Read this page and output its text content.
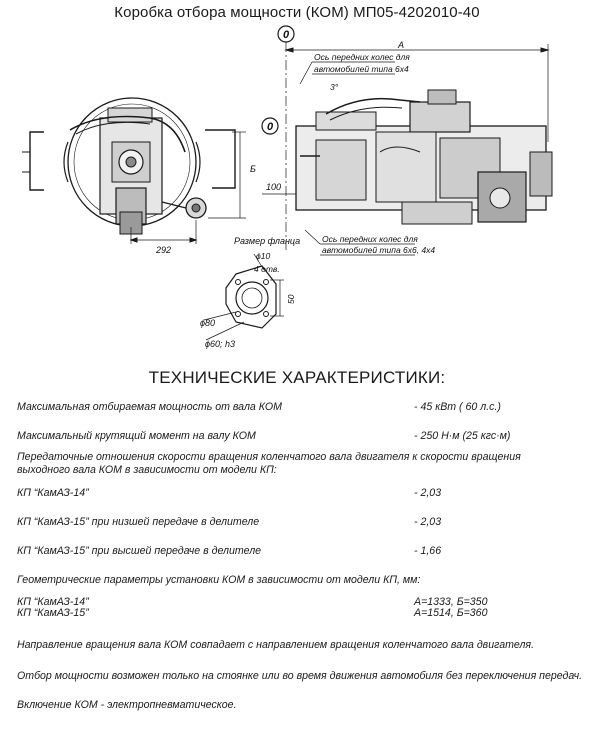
Коробка отбора мощности (КОМ) МП05-4202010-40
0
0
A
Б
292
100
3°
Ось передних колес для
автомобилей типа 6х4
Ось передних колес для
автомобилей типа 6х6, 4х4
Размер фланца
ϕ10
4 отв.
ϕ80
ϕ60; h3
50
ТЕХНИЧЕСКИЕ ХАРАКТЕРИСТИКИ:
Максимальная отбираемая мощность от вала КОМ	- 45 кВт ( 60 л.с.)
Максимальный крутящий момент на валу КОМ	- 250 Н·м (25 кгс·м)
Передаточные отношения скорости вращения коленчатого вала двигателя к скорости вращения
выходного вала КОМ в зависимости от модели КП:
КП “КамАЗ-14”	- 2,03
КП “КамАЗ-15” при низшей передаче в делителе	- 2,03
КП “КамАЗ-15” при высшей передаче в делителе	- 1,66
Геометрические параметры установки КОМ в зависимости от модели КП, мм:
КП “КамАЗ-14”	А=1333, Б=350
КП “КамАЗ-15”	А=1514, Б=360
Направление вращения вала КОМ совпадает с направлением вращения коленчатого вала двигателя.
Отбор мощности возможен только на стоянке или во время движения автомобиля без переключения передач.
Включение КОМ - электропневматическое.
